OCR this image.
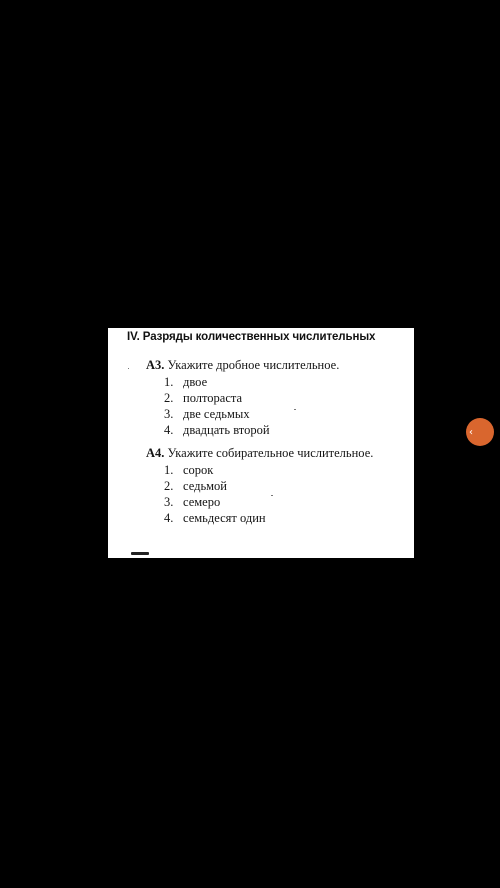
IV. Разряды количественных числительных
А3. Укажите дробное числительное.
1. двое
2. полтораста
3. две седьмых
4. двадцать второй
А4. Укажите собирательное числительное.
1. сорок
2. седьмой
3. семеро
4. семьдесят один
‹
